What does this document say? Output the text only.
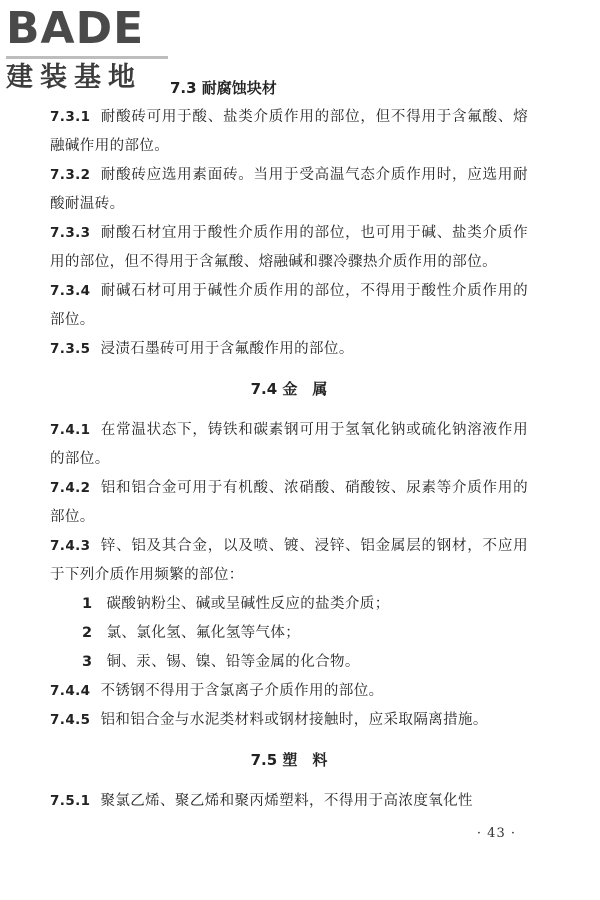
BADE
建装基地	7.3 耐腐蚀块材

7.3.1 耐酸砖可用于酸、盐类介质作用的部位，但不得用于含氟酸、熔融碱作用的部位。

7.3.2 耐酸砖应选用素面砖。当用于受高温气态介质作用时，应选用耐酸耐温砖。

7.3.3 耐酸石材宜用于酸性介质作用的部位，也可用于碱、盐类介质作用的部位，但不得用于含氟酸、熔融碱和骤冷骤热介质作用的部位。

7.3.4 耐碱石材可用于碱性介质作用的部位，不得用于酸性介质作用的部位。

7.3.5 浸渍石墨砖可用于含氟酸作用的部位。

7.4 金　属

7.4.1 在常温状态下，铸铁和碳素钢可用于氢氧化钠或硫化钠溶液作用的部位。

7.4.2 铝和铝合金可用于有机酸、浓硝酸、硝酸铵、尿素等介质作用的部位。

7.4.3 锌、铝及其合金，以及喷、镀、浸锌、铝金属层的钢材，不应用于下列介质作用频繁的部位：

1 碳酸钠粉尘、碱或呈碱性反应的盐类介质；

2 氯、氯化氢、氟化氢等气体；

3 铜、汞、锡、镍、铅等金属的化合物。

7.4.4 不锈钢不得用于含氯离子介质作用的部位。

7.4.5 铝和铝合金与水泥类材料或钢材接触时，应采取隔离措施。

7.5 塑　料

7.5.1 聚氯乙烯、聚乙烯和聚丙烯塑料，不得用于高浓度氧化性

· 43 ·
